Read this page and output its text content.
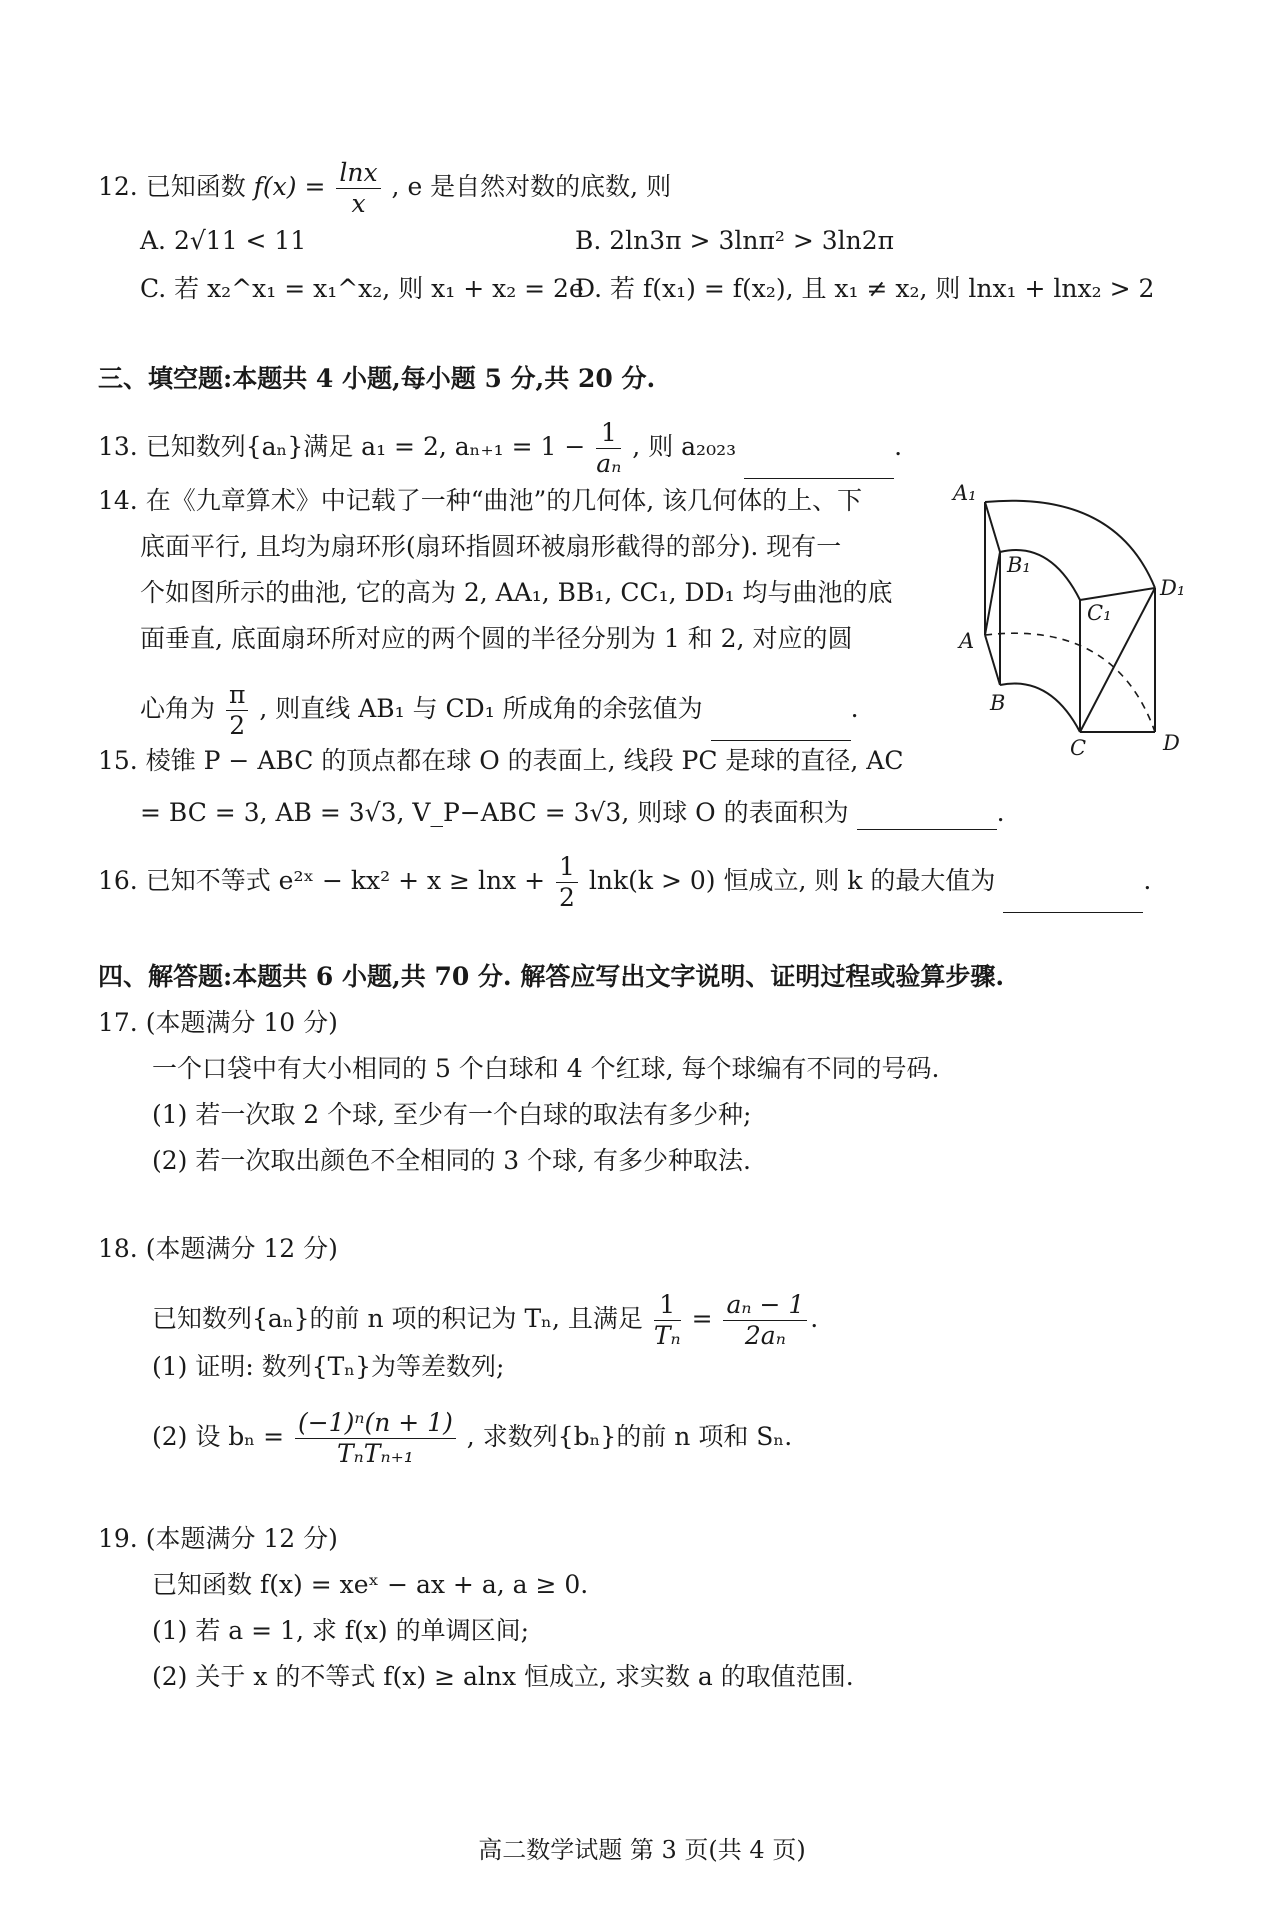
12. 已知函数 $f(x) = \frac{\ln x}{x}$ , e 是自然对数的底数, 则
A. 2√11 < 11	B. 2ln3π > 3lnπ² > 3ln2π
C. 若 x₂^x₁ = x₁^x₂, 则 x₁ + x₂ = 2e
D. 若 f(x₁) = f(x₂), 且 x₁ ≠ x₂, 则 lnx₁ + lnx₂ > 2
三、填空题:本题共 4 小题,每小题 5 分,共 20 分.
13. 已知数列{aₙ}满足 a₁ = 2, $a_{n+1} = 1 - \frac{1}{\text{aₙ}}$ , 则 a₂₀₂₃	.
14. 在《九章算术》中记载了一种“曲池”的几何体, 该几何体的上、下
底面平行, 且均为扇环形(扇环指圆环被扇形截得的部分). 现有一
个如图所示的曲池, 它的高为 2, AA₁, BB₁, CC₁, DD₁ 均与曲池的底
面垂直, 底面扇环所对应的两个圆的半径分别为 1 和 2, 对应的圆
心角为 $\frac{\pi}{2}$ , 则直线 AB₁ 与 CD₁ 所成角的余弦值为	.
A₁
B₁
C₁
D₁
A
B
C	D
15. 棱锥 P − ABC 的顶点都在球 O 的表面上, 线段 PC 是球的直径, AC
= BC = 3, AB = 3√3, V_P−ABC = 3√3, 则球 O 的表面积为	.
16. 已知不等式 e²ˣ − $kx^2 + x \ge \ln x + \frac{1}{2} \ln k(k > 0)$ 恒成立, 则 k 的最大值为	.
四、解答题:本题共 6 小题,共 70 分. 解答应写出文字说明、证明过程或验算步骤.
17. (本题满分 10 分)
一个口袋中有大小相同的 5 个白球和 4 个红球, 每个球编有不同的号码.
(1) 若一次取 2 个球, 至少有一个白球的取法有多少种;
(2) 若一次取出颜色不全相同的 3 个球, 有多少种取法.
18. (本题满分 12 分)
已知数列{aₙ}的前 n 项的积记为 Tₙ, 且满足 $\frac{1}{\text{Tₙ}} = \frac{\text{aₙ − 1}}{\text{2aₙ}}$ .
(1) 证明: 数列{Tₙ}为等差数列;
(2) 设 $b_n = \frac{\text{(−1)ⁿ(n + 1)}}{\text{TₙTₙ₊₁}}$ , 求数列{bₙ}的前 n 项和 Sₙ.
19. (本题满分 12 分)
已知函数 f(x) = xeˣ − ax + a, a ≥ 0.
(1) 若 a = 1, 求 f(x) 的单调区间;
(2) 关于 x 的不等式 f(x) ≥ alnx 恒成立, 求实数 a 的取值范围.
高二数学试题 第 3 页(共 4 页)
